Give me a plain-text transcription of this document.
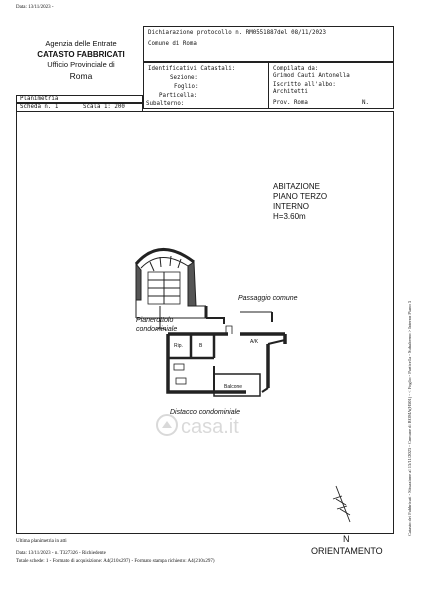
Data: 13/11/2023 -
Agenzia delle Entrate
CATASTO FABBRICATI
Ufficio Provinciale di
Roma
Dichiarazione protocollo n. RM0551887del 08/11/2023
Comune di Roma
Identificativi Catastali:
Sezione:
Foglio:
Particella:
Subalterno:
Compilata da:
Grimod Cauti Antonella
Iscritto all'albo:
Architetti
Prov. Roma	N.
Planimetria
Scheda n. 1	Scala 1: 200
ABITAZIONE
PIANO TERZO
INTERNO
H=3.60m
Passaggio comune
Pianerottolo
condominiale
Rip.	B
A/K
Balcone
Distacco condominiale
N
ORIENTAMENTO
casa.it	Catasto dei Fabbricati - Situazione al 13/11/2023 - Comune di ROMA(H501) - < Foglio - Particella - Subalterno > Interno Piano 3
Ultima planimetria in atti
Data: 13/11/2023 - n. T327326 - Richiedente
Totale schede: 1 - Formato di acquisizione: A4(210x297) - Formato stampa richiesto: A4(210x297)
